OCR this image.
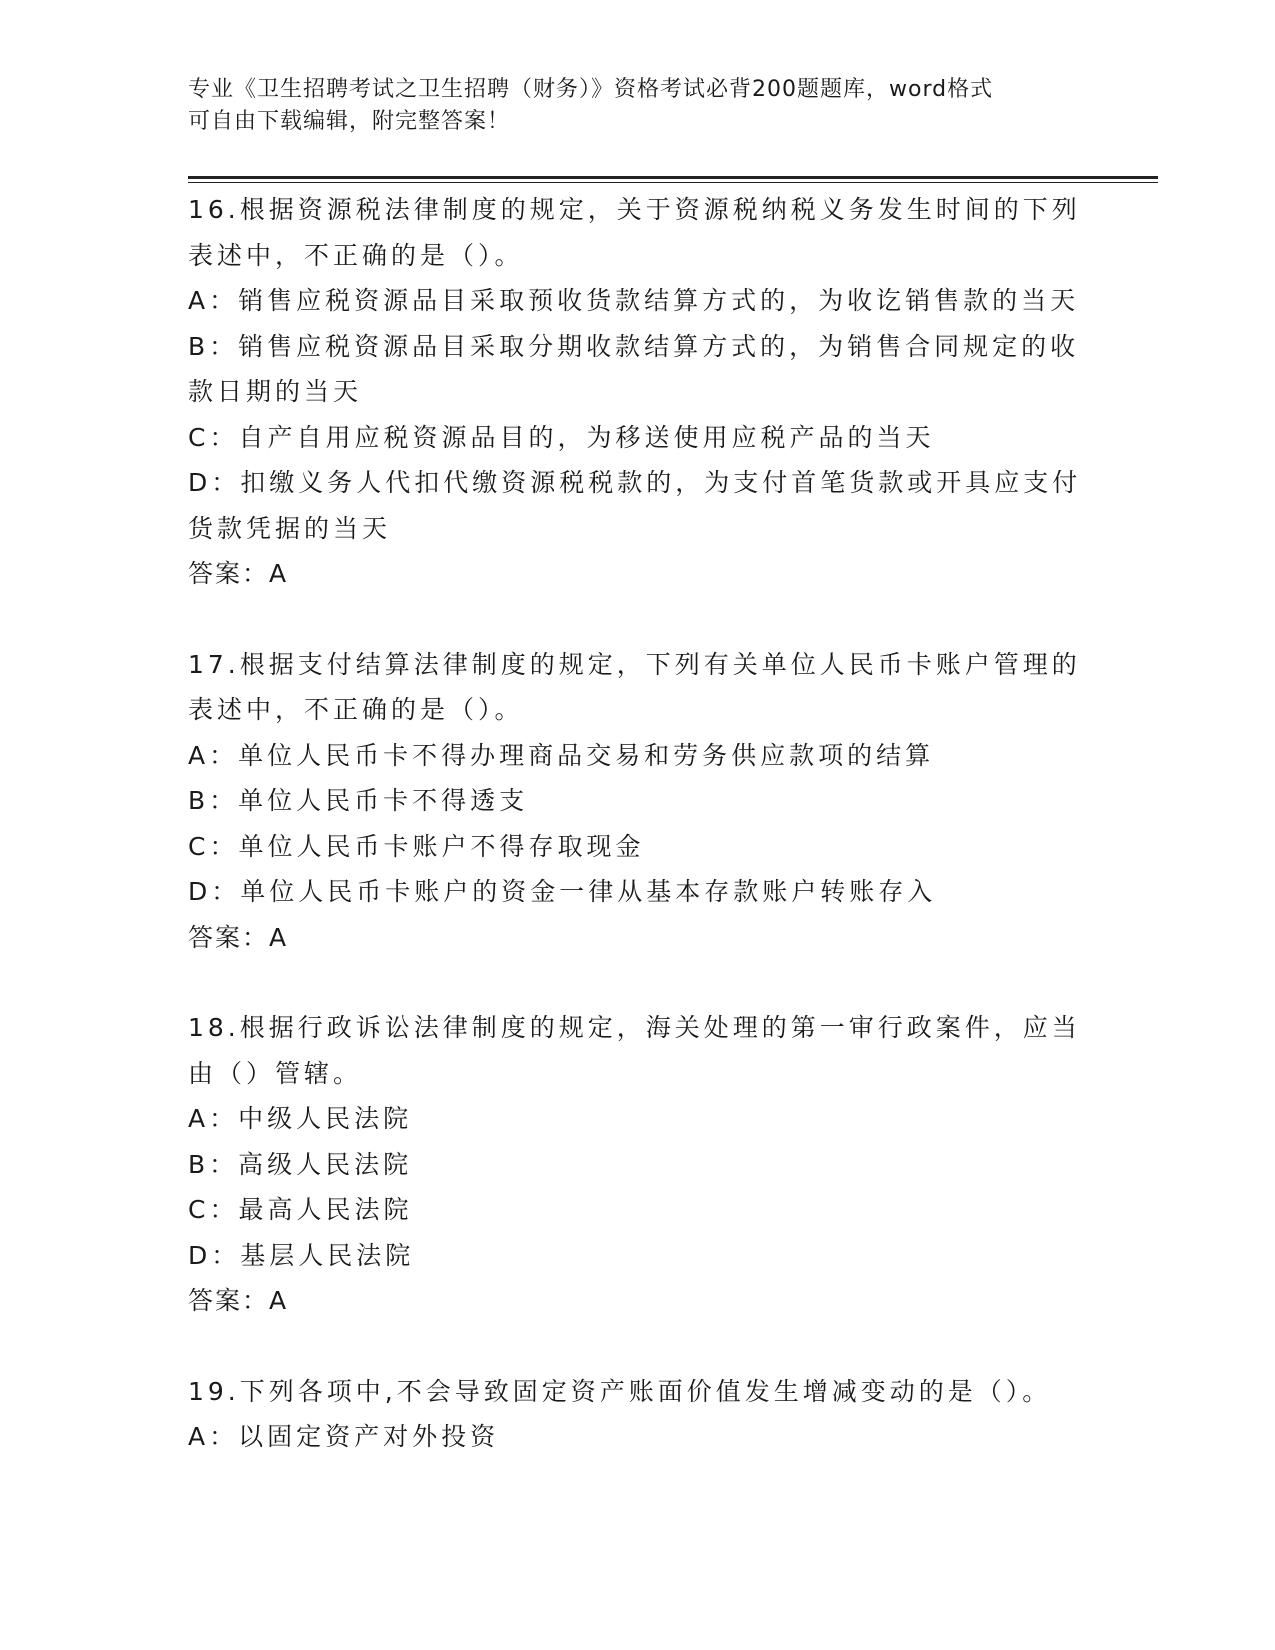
专业《卫生招聘考试之卫生招聘（财务）》资格考试必背200题题库，word格式
可自由下载编辑，附完整答案！
16.根据资源税法律制度的规定，关于资源税纳税义务发生时间的下列
表述中，不正确的是（）。
A：销售应税资源品目采取预收货款结算方式的，为收讫销售款的当天
B：销售应税资源品目采取分期收款结算方式的，为销售合同规定的收
款日期的当天
C：自产自用应税资源品目的，为移送使用应税产品的当天
D：扣缴义务人代扣代缴资源税税款的，为支付首笔货款或开具应支付
货款凭据的当天
答案：A
17.根据支付结算法律制度的规定，下列有关单位人民币卡账户管理的
表述中，不正确的是（）。
A：单位人民币卡不得办理商品交易和劳务供应款项的结算
B：单位人民币卡不得透支
C：单位人民币卡账户不得存取现金
D：单位人民币卡账户的资金一律从基本存款账户转账存入
答案：A
18.根据行政诉讼法律制度的规定，海关处理的第一审行政案件，应当
由（）管辖。
A：中级人民法院
B：高级人民法院
C：最高人民法院
D：基层人民法院
答案：A
19.下列各项中,不会导致固定资产账面价值发生增减变动的是（）。
A：以固定资产对外投资
